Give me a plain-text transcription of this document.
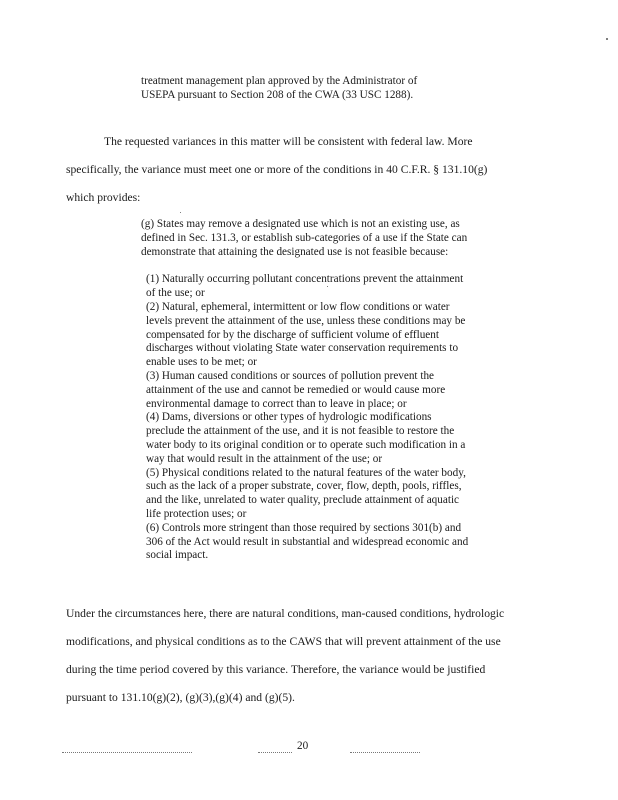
treatment management plan approved by the Administrator of
USEPA pursuant to Section 208 of the CWA (33 USC 1288).
The requested variances in this matter will be consistent with federal law. More
specifically, the variance must meet one or more of the conditions in 40 C.F.R. § 131.10(g)
which provides:

(g) States may remove a designated use which is not an existing use, as defined in Sec. 131.3, or establish sub-categories of a use if the State can demonstrate that attaining the designated use is not feasible because:

(1) Naturally occurring pollutant concentrations prevent the attainment of the use; or

(2) Natural, ephemeral, intermittent or low flow conditions or water levels prevent the attainment of the use, unless these conditions may be compensated for by the discharge of sufficient volume of effluent discharges without violating State water conservation requirements to enable uses to be met; or

(3) Human caused conditions or sources of pollution prevent the attainment of the use and cannot be remedied or would cause more environmental damage to correct than to leave in place; or

(4) Dams, diversions or other types of hydrologic modifications preclude the attainment of the use, and it is not feasible to restore the water body to its original condition or to operate such modification in a way that would result in the attainment of the use; or

(5) Physical conditions related to the natural features of the water body, such as the lack of a proper substrate, cover, flow, depth, pools, riffles, and the like, unrelated to water quality, preclude attainment of aquatic life protection uses; or

(6) Controls more stringent than those required by sections 301(b) and 306 of the Act would result in substantial and widespread economic and social impact.

Under the circumstances here, there are natural conditions, man-caused conditions, hydrologic
modifications, and physical conditions as to the CAWS that will prevent attainment of the use
during the time period covered by this variance. Therefore, the variance would be justified
pursuant to 131.10(g)(2), (g)(3),(g)(4) and (g)(5).
20
